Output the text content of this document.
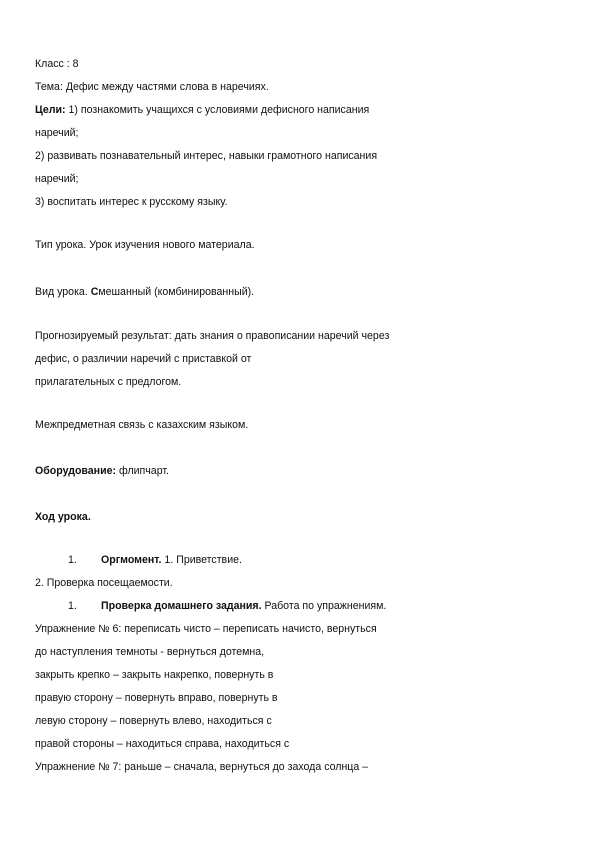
Класс : 8
Тема: Дефис между частями слова в наречиях.
Цели: 1) познакомить учащихся с условиями дефисного написания
наречий;
2) развивать познавательный интерес, навыки грамотного написания
наречий;
3) воспитать интерес к русскому языку.
Тип урока. Урок изучения нового материала.
Вид урока. Смешанный (комбинированный).
Прогнозируемый результат: дать знания о правописании наречий через
дефис, о различии наречий с приставкой от
прилагательных с предлогом.
Межпредметная связь с казахским языком.
Оборудование: флипчарт.
Ход урока.
1. Оргмомент. 1. Приветствие.
2. Проверка посещаемости.
1. Проверка домашнего задания. Работа по упражнениям.
Упражнение № 6: переписать чисто – переписать начисто, вернуться
до наступления темноты - вернуться дотемна,
закрыть крепко – закрыть накрепко, повернуть в
правую сторону – повернуть вправо, повернуть в
левую сторону – повернуть влево, находиться с
правой стороны – находиться справа, находиться с
Упражнение № 7: раньше – сначала, вернуться до захода солнца –
